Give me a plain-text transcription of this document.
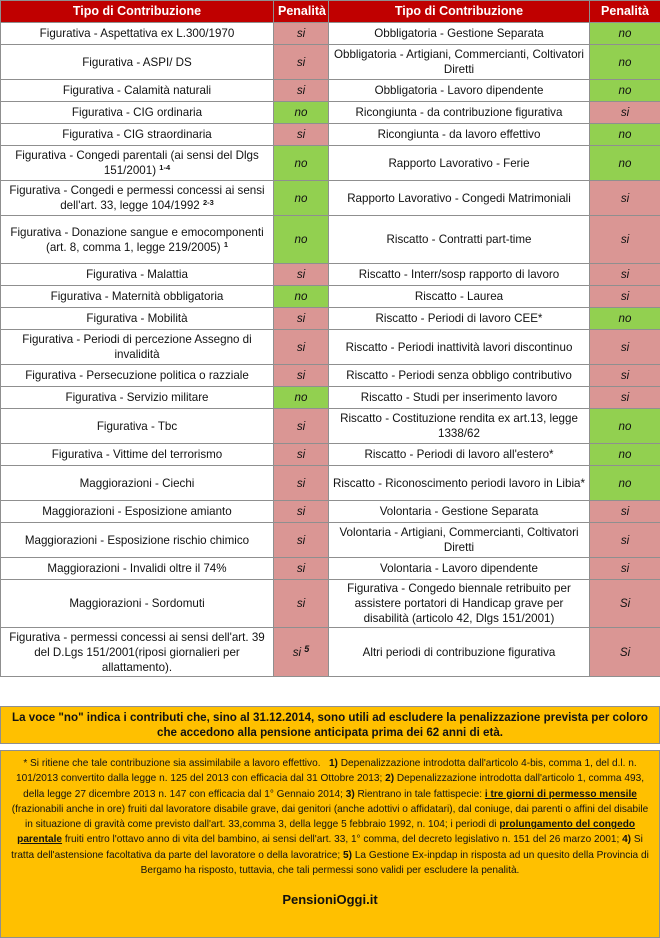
Tipo di Contribuzione	Penalità	Tipo di Contribuzione	Penalità
Figurativa - Aspettativa ex L.300/1970	si	Obbligatoria - Gestione Separata	no
Figurativa - ASPI/ DS	si	Obbligatoria - Artigiani, Commercianti, Coltivatori Diretti	no
Figurativa - Calamità naturali	si	Obbligatoria - Lavoro dipendente	no
Figurativa - CIG ordinaria	no	Ricongiunta - da contribuzione figurativa	si
Figurativa - CIG straordinaria	si	Ricongiunta - da lavoro effettivo	no
Figurativa - Congedi parentali (ai sensi del Dlgs 151/2001) $^{1-4}$	no	Rapporto Lavorativo - Ferie	no
Figurativa - Congedi e permessi concessi ai sensi dell'art. 33, legge 104/1992 $^{2-3}$	no	Rapporto Lavorativo - Congedi Matrimoniali	si
Figurativa - Donazione sangue e emocomponenti (art. 8, comma 1, legge 219/2005) $^1$	no	Riscatto - Contratti part-time	si
Figurativa - Malattia	si	Riscatto - Interr/sosp rapporto di lavoro	si
Figurativa - Maternità obbligatoria	no	Riscatto - Laurea	si
Figurativa - Mobilità	si	Riscatto - Periodi di lavoro CEE*	no
Figurativa - Periodi di percezione Assegno di invalidità	si	Riscatto - Periodi inattività lavori discontinuo	si
Figurativa - Persecuzione politica o razziale	si	Riscatto - Periodi senza obbligo contributivo	si
Figurativa - Servizio militare	no	Riscatto - Studi per inserimento lavoro	si
Figurativa - Tbc	si	Riscatto - Costituzione rendita ex art.13, legge 1338/62	no
Figurativa - Vittime del terrorismo	si	Riscatto - Periodi di lavoro all'estero*	no
Maggiorazioni - Ciechi	si	Riscatto - Riconoscimento periodi lavoro in Libia*	no
Maggiorazioni - Esposizione amianto	si	Volontaria - Gestione Separata	si
Maggiorazioni - Esposizione rischio chimico	si	Volontaria - Artigiani, Commercianti, Coltivatori Diretti	si
Maggiorazioni - Invalidi oltre il 74%	si	Volontaria - Lavoro dipendente	si
Maggiorazioni - Sordomuti	si	Figurativa - Congedo biennale retribuito per assistere portatori di Handicap grave per disabilità (articolo 42, Dlgs 151/2001)	Si
Figurativa - permessi concessi ai sensi dell'art. 39 del D.Lgs 151/2001(riposi giornalieri per allattamento).	si $^5$	Altri periodi di contribuzione figurativa	Si
La voce "no" indica i contributi che, sino al 31.12.2014, sono utili ad escludere la penalizzazione prevista per coloro che accedono alla pensione anticipata prima dei 62 anni di età.
* Si ritiene che tale contribuzione sia assimilabile a lavoro effettivo. 1) Depenalizzazione introdotta dall'articolo 4-bis, comma 1, del d.l. n. 101/2013 convertito dalla legge n. 125 del 2013 con efficacia dal 31 Ottobre 2013; 2) Depenalizzazione introdotta dall'articolo 1, comma 493, della legge 27 dicembre 2013 n. 147 con efficacia dal 1° Gennaio 2014; 3) Rientrano in tale fattispecie: i tre giorni di permesso mensile (frazionabili anche in ore) fruiti dal lavoratore disabile grave, dai genitori (anche adottivi o affidatari), dal coniuge, dai parenti o affini del disabile in situazione di gravità come previsto dall'art. 33,comma 3, della legge 5 febbraio 1992, n. 104; i periodi di prolungamento del congedo parentale fruiti entro l'ottavo anno di vita del bambino, ai sensi dell'art. 33, 1° comma, del decreto legislativo n. 151 del 26 marzo 2001; 4) Si tratta dell'astensione facoltativa da parte del lavoratore o della lavoratrice; 5) La Gestione Ex-inpdap in risposta ad un quesito della Provincia di Bergamo ha risposto, tuttavia, che tali permessi sono validi per escludere la penalità.
PensioniOggi.it
